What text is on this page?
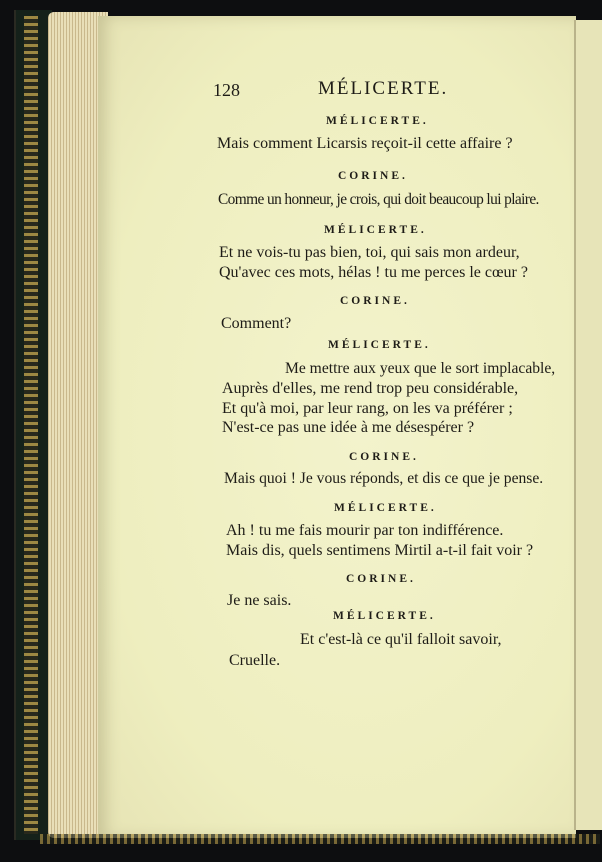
128	MÉLICERTE.
MÉLICERTE.
Mais comment Licarsis reçoit-il cette affaire ?
CORINE.
Comme un honneur, je crois, qui doit beaucoup lui plaire.
MÉLICERTE.
Et ne vois-tu pas bien, toi, qui sais mon ardeur,
Qu'avec ces mots, hélas ! tu me perces le cœur ?
CORINE.
Comment?
MÉLICERTE.
Me mettre aux yeux que le sort implacable,
Auprès d'elles, me rend trop peu considérable,
Et qu'à moi, par leur rang, on les va préférer ;
N'est-ce pas une idée à me désespérer ?
CORINE.
Mais quoi ! Je vous réponds, et dis ce que je pense.
MÉLICERTE.
Ah ! tu me fais mourir par ton indifférence.
Mais dis, quels sentimens Mirtil a-t-il fait voir ?
CORINE.
Je ne sais.
MÉLICERTE.
Et c'est-là ce qu'il falloit savoir,
Cruelle.
